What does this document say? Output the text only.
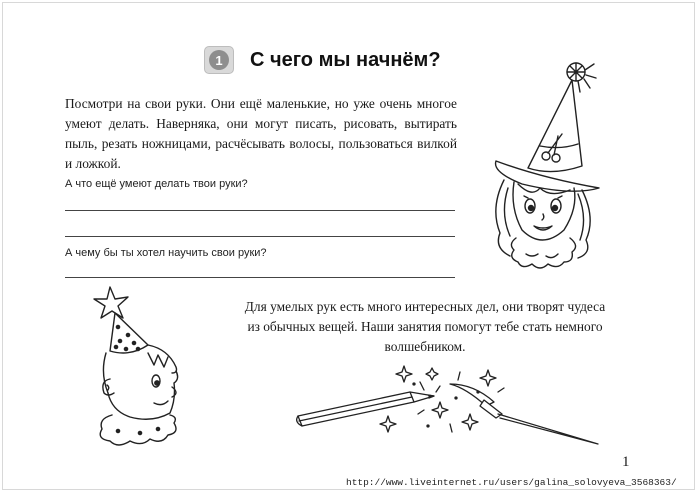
1	С чего мы начнём?

Посмотри на свои руки. Они ещё маленькие, но уже очень многое умеют делать. Наверняка, они могут писать, рисовать, вытирать пыль, резать ножницами, расчёсывать волосы, пользоваться вилкой и ложкой.

А что ещё умеют делать твои руки?

А чему бы ты хотел научить свои руки?

Для умелых рук есть много интересных дел, они творят чудеса из обычных вещей. Наши занятия помогут тебе стать немного волшебником.

1

http://www.liveinternet.ru/users/galina_solovyeva_3568363/
